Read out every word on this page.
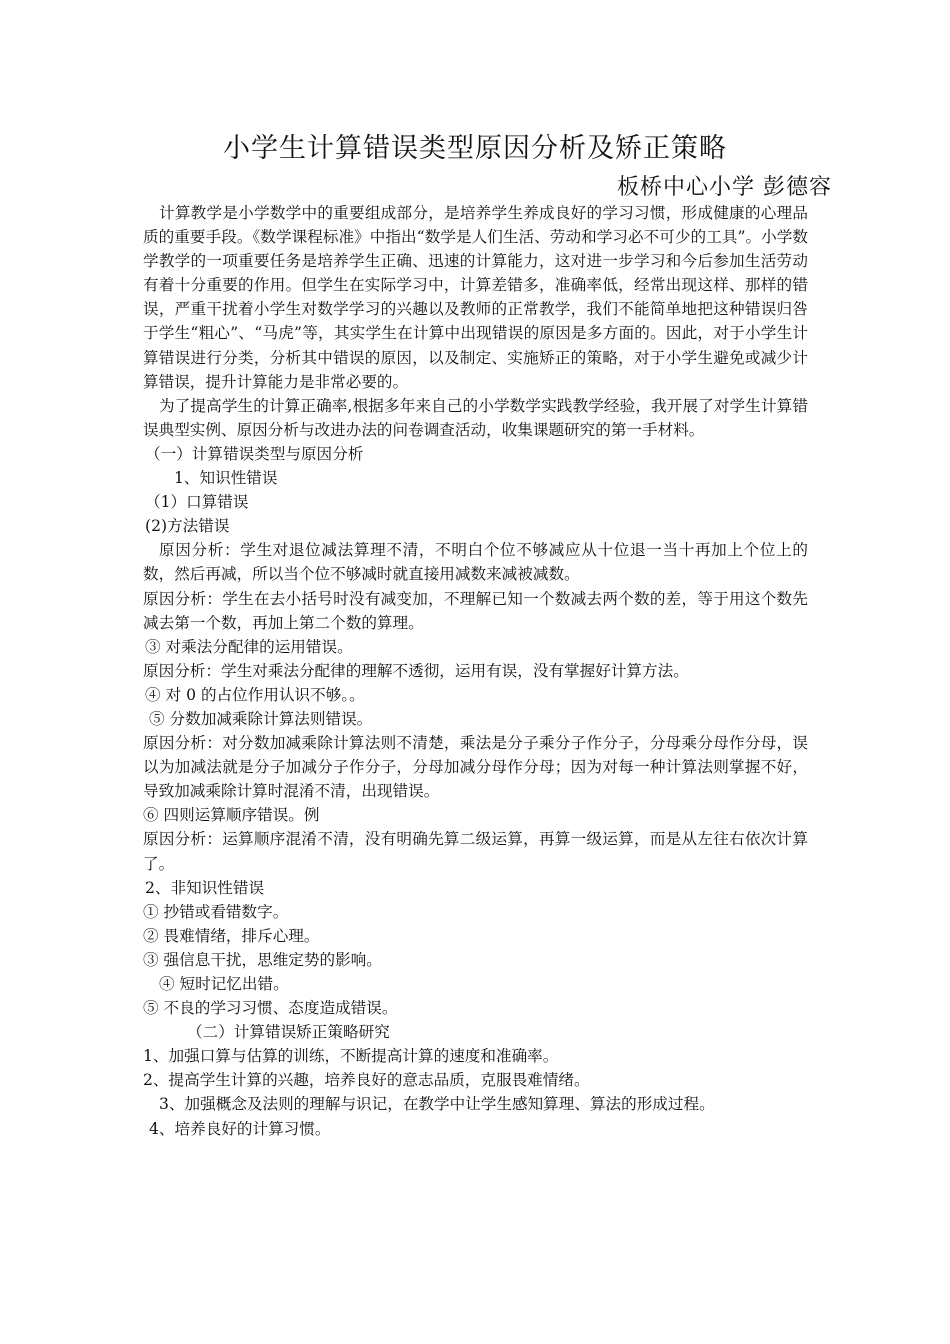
小学生计算错误类型原因分析及矫正策略
板桥中心小学 彭德容

计算教学是小学数学中的重要组成部分，是培养学生养成良好的学习习惯，形成健康的心理品质的重要手段。《数学课程标准》中指出“数学是人们生活、劳动和学习必不可少的工具”。小学数学教学的一项重要任务是培养学生正确、迅速的计算能力，这对进一步学习和今后参加生活劳动有着十分重要的作用。但学生在实际学习中，计算差错多，准确率低，经常出现这样、那样的错误，严重干扰着小学生对数学学习的兴趣以及教师的正常教学，我们不能简单地把这种错误归咎于学生“粗心”、“马虎”等，其实学生在计算中出现错误的原因是多方面的。因此，对于小学生计算错误进行分类，分析其中错误的原因，以及制定、实施矫正的策略，对于小学生避免或减少计算错误，提升计算能力是非常必要的。

为了提高学生的计算正确率,根据多年来自己的小学数学实践教学经验，我开展了对学生计算错误典型实例、原因分析与改进办法的问卷调查活动，收集课题研究的第一手材料。

（一）计算错误类型与原因分析

1、知识性错误

（1）口算错误

(2)方法错误

原因分析：学生对退位减法算理不清，不明白个位不够减应从十位退一当十再加上个位上的数，然后再减，所以当个位不够减时就直接用减数来减被减数。

原因分析：学生在去小括号时没有减变加，不理解已知一个数减去两个数的差，等于用这个数先减去第一个数，再加上第二个数的算理。

③ 对乘法分配律的运用错误。

原因分析：学生对乘法分配律的理解不透彻，运用有误，没有掌握好计算方法。

④ 对 0 的占位作用认识不够。。

⑤ 分数加减乘除计算法则错误。

原因分析：对分数加减乘除计算法则不清楚，乘法是分子乘分子作分子，分母乘分母作分母，误以为加减法就是分子加减分子作分子，分母加减分母作分母；因为对每一种计算法则掌握不好，导致加减乘除计算时混淆不清，出现错误。

⑥ 四则运算顺序错误。例

原因分析：运算顺序混淆不清，没有明确先算二级运算，再算一级运算，而是从左往右依次计算了。

2、非知识性错误

① 抄错或看错数字。

② 畏难情绪，排斥心理。

③ 强信息干扰，思维定势的影响。

④ 短时记忆出错。

⑤ 不良的学习习惯、态度造成错误。

（二）计算错误矫正策略研究

1、加强口算与估算的训练，不断提高计算的速度和准确率。

2、提高学生计算的兴趣，培养良好的意志品质，克服畏难情绪。

3、加强概念及法则的理解与识记，在教学中让学生感知算理、算法的形成过程。

4、培养良好的计算习惯。
